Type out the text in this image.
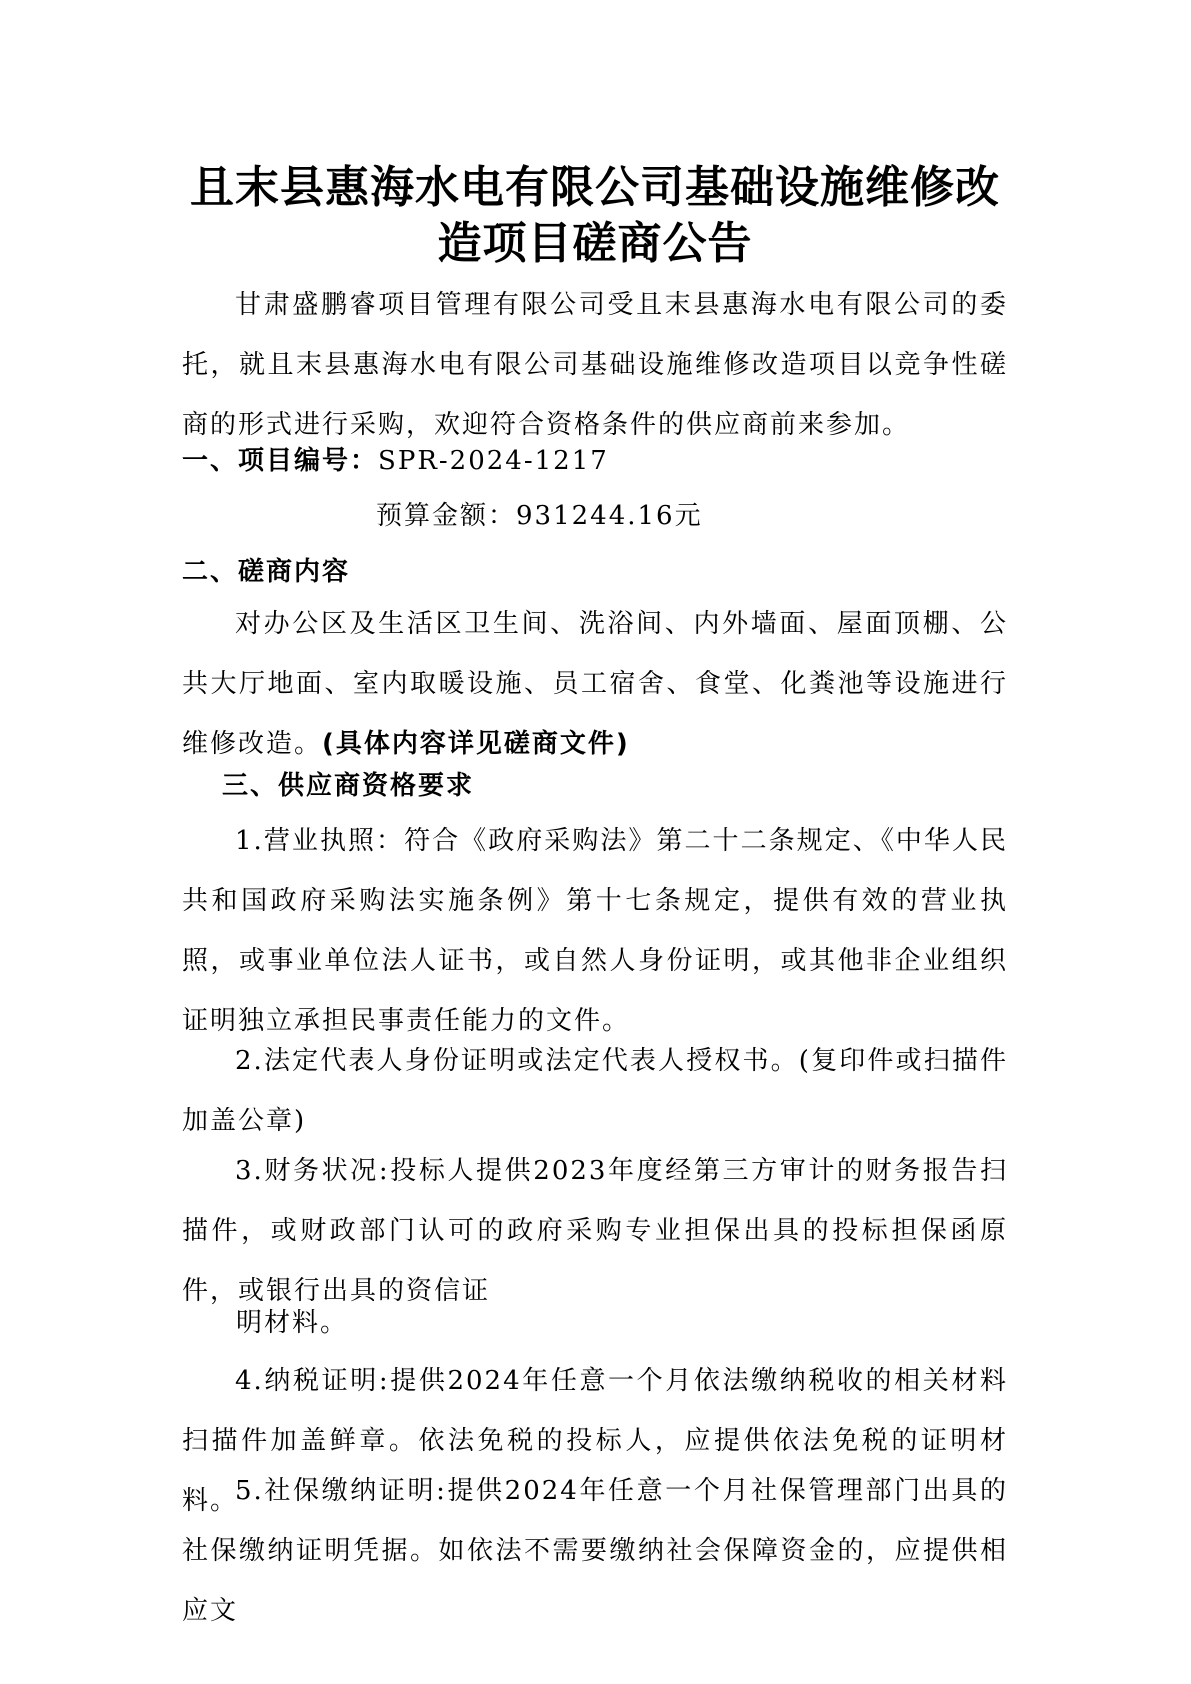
且末县惠海水电有限公司基础设施维修改
造项目磋商公告

甘肃盛鹏睿项目管理有限公司受且末县惠海水电有限公司的委托，就且末县惠海水电有限公司基础设施维修改造项目以竞争性磋商的形式进行采购，欢迎符合资格条件的供应商前来参加。

一、项目编号：SPR-2024-1217
预算金额：931244.16元
二、磋商内容

对办公区及生活区卫生间、洗浴间、内外墙面、屋面顶棚、公共大厅地面、室内取暖设施、员工宿舍、食堂、化粪池等设施进行维修改造。(具体内容详见磋商文件)

三、供应商资格要求

1.营业执照：符合《政府采购法》第二十二条规定、《中华人民共和国政府采购法实施条例》第十七条规定，提供有效的营业执照，或事业单位法人证书，或自然人身份证明，或其他非企业组织证明独立承担民事责任能力的文件。

2.法定代表人身份证明或法定代表人授权书。(复印件或扫描件加盖公章)

3.财务状况:投标人提供2023年度经第三方审计的财务报告扫描件，或财政部门认可的政府采购专业担保出具的投标担保函原件，或银行出具的资信证

明材料。

4.纳税证明:提供2024年任意一个月依法缴纳税收的相关材料扫描件加盖鲜章。依法免税的投标人，应提供依法免税的证明材料。

5.社保缴纳证明:提供2024年任意一个月社保管理部门出具的社保缴纳证明凭据。如依法不需要缴纳社会保障资金的，应提供相应文
